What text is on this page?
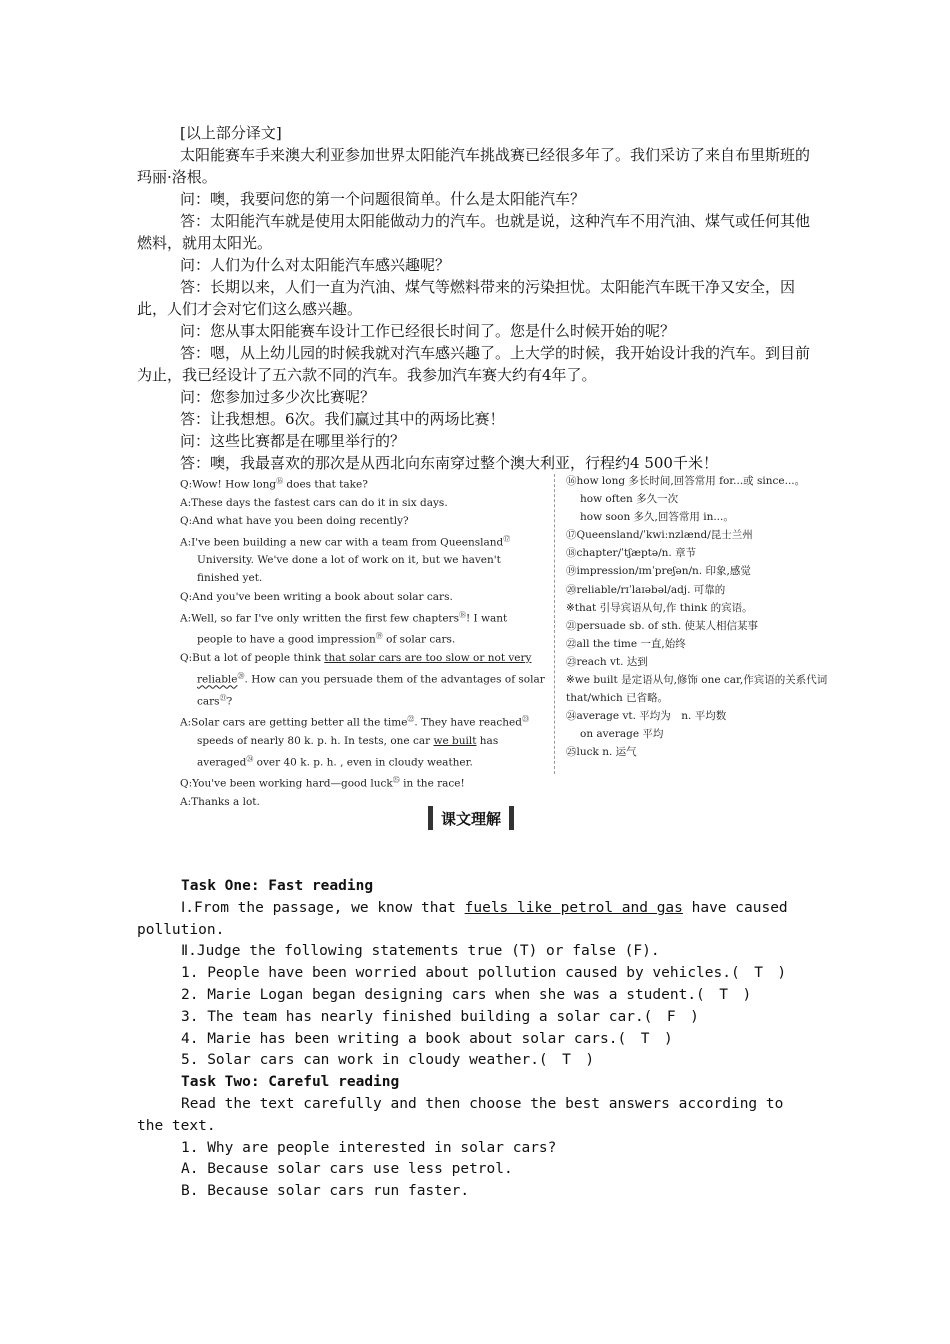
[以上部分译文]

太阳能赛车手来澳大利亚参加世界太阳能汽车挑战赛已经很多年了。我们采访了来自布里斯班的玛丽·洛根。

问：噢，我要问您的第一个问题很简单。什么是太阳能汽车？

答：太阳能汽车就是使用太阳能做动力的汽车。也就是说，这种汽车不用汽油、煤气或任何其他燃料，就用太阳光。

问：人们为什么对太阳能汽车感兴趣呢？

答：长期以来，人们一直为汽油、煤气等燃料带来的污染担忧。太阳能汽车既干净又安全，因此，人们才会对它们这么感兴趣。

问：您从事太阳能赛车设计工作已经很长时间了。您是什么时候开始的呢？

答：嗯，从上幼儿园的时候我就对汽车感兴趣了。上大学的时候，我开始设计我的汽车。到目前为止，我已经设计了五六款不同的汽车。我参加汽车赛大约有4年了。

问：您参加过多少次比赛呢？

答：让我想想。6次。我们赢过其中的两场比赛！

问：这些比赛都是在哪里举行的？

答：噢，我最喜欢的那次是从西北向东南穿过整个澳大利亚，行程约4 500千米！

Q:Wow! How long⑯ does that take?

A:These days the fastest cars can do it in six days.

Q:And what have you been doing recently?

A:I've been building a new car with a team from Queensland⑰ University. We've done a lot of work on it, but we haven't finished yet.

Q:And you've been writing a book about solar cars.

A:Well, so far I've only written the first few chapters⑱! I want people to have a good impression⑲ of solar cars.

Q:But a lot of people think that solar cars are too slow or not very reliable⑳. How can you persuade them of the advantages of solar cars$^㉑$?

A:Solar cars are getting better all the time$^㉒$. They have reached$^㉓$ speeds of nearly 80 k. p. h. In tests, one car we built has averaged$^㉔$ over 40 k. p. h. , even in cloudy weather.

Q:You've been working hard—good luck$^㉕$ in the race!

A:Thanks a lot.

⑯how long 多长时间,回答常用 for...或 since...。

how often 多久一次

how soon 多久,回答常用 in...。

⑰Queensland/ˈkwiːnzlænd/昆士兰州

⑱chapter/ˈtʃæptə/n. 章节

⑲impression/ɪmˈpreʃən/n. 印象,感觉

⑳reliable/rɪˈlaɪəbəl/adj. 可靠的

※that 引导宾语从句,作 think 的宾语。

㉑persuade sb. of sth. 使某人相信某事

㉒all the time 一直,始终

㉓reach vt. 达到

※we built 是定语从句,修饰 one car,作宾语的关系代词 that/which 已省略。

㉔average vt. 平均为　n. 平均数

on average 平均

㉕luck n. 运气

课文理解

Task One: Fast reading

Ⅰ.From the passage, we know that fuels like petrol and gas have caused pollution.

Ⅱ.Judge the following statements true (T) or false (F).

1. People have been worried about pollution caused by vehicles.(　T　)

2. Marie Logan began designing cars when she was a student.(　T　)

3. The team has nearly finished building a solar car.(　F　)

4. Marie has been writing a book about solar cars.(　T　)

5. Solar cars can work in cloudy weather.(　T　)

Task Two: Careful reading

Read the text carefully and then choose the best answers according to the text.

1. Why are people interested in solar cars?

A. Because solar cars use less petrol.

B. Because solar cars run faster.
